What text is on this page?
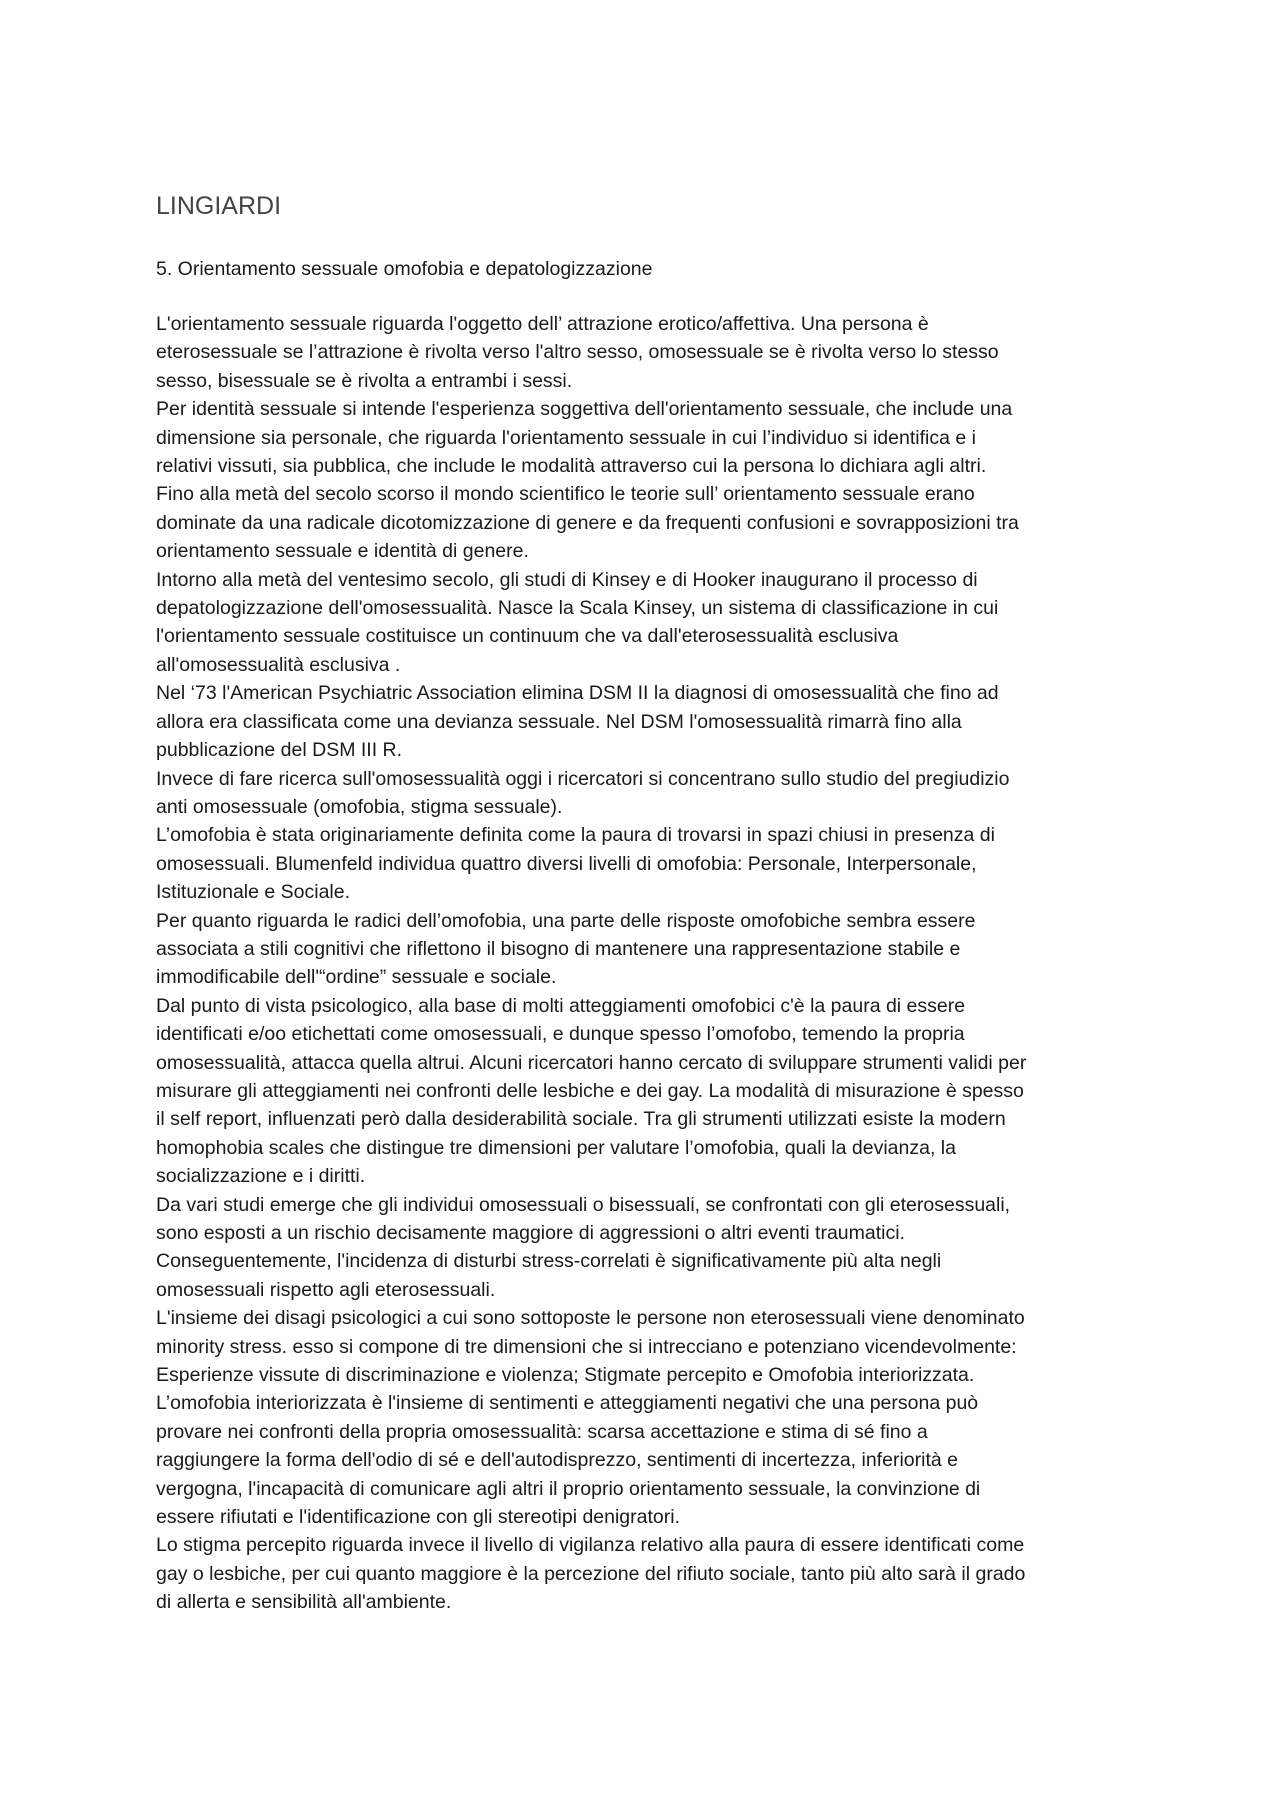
LINGIARDI
5. Orientamento sessuale omofobia e depatologizzazione

L'orientamento sessuale riguarda l'oggetto dell’ attrazione erotico/affettiva. Una persona è
eterosessuale se l’attrazione è rivolta verso l'altro sesso, omosessuale se è rivolta verso lo stesso
sesso, bisessuale se è rivolta a entrambi i sessi.

Per identità sessuale si intende l'esperienza soggettiva dell'orientamento sessuale, che include una
dimensione sia personale, che riguarda l'orientamento sessuale in cui l’individuo si identifica e i
relativi vissuti, sia pubblica, che include le modalità attraverso cui la persona lo dichiara agli altri.

Fino alla metà del secolo scorso il mondo scientifico le teorie sull’ orientamento sessuale erano
dominate da una radicale dicotomizzazione di genere e da frequenti confusioni e sovrapposizioni tra
orientamento sessuale e identità di genere.

Intorno alla metà del ventesimo secolo, gli studi di Kinsey e di Hooker inaugurano il processo di
depatologizzazione dell'omosessualità. Nasce la Scala Kinsey, un sistema di classificazione in cui
l'orientamento sessuale costituisce un continuum che va dall'eterosessualità esclusiva
all'omosessualità esclusiva .

Nel ‘73 l'American Psychiatric Association elimina DSM II la diagnosi di omosessualità che fino ad
allora era classificata come una devianza sessuale. Nel DSM l'omosessualità rimarrà fino alla
pubblicazione del DSM III R.

Invece di fare ricerca sull'omosessualità oggi i ricercatori si concentrano sullo studio del pregiudizio
anti omosessuale (omofobia, stigma sessuale).

L’omofobia è stata originariamente definita come la paura di trovarsi in spazi chiusi in presenza di
omosessuali. Blumenfeld individua quattro diversi livelli di omofobia: Personale, Interpersonale,
Istituzionale e Sociale.

Per quanto riguarda le radici dell’omofobia, una parte delle risposte omofobiche sembra essere
associata a stili cognitivi che riflettono il bisogno di mantenere una rappresentazione stabile e
immodificabile dell'“ordine” sessuale e sociale.

Dal punto di vista psicologico, alla base di molti atteggiamenti omofobici c'è la paura di essere
identificati e/oo etichettati come omosessuali, e dunque spesso l’omofobo, temendo la propria
omosessualità, attacca quella altrui. Alcuni ricercatori hanno cercato di sviluppare strumenti validi per
misurare gli atteggiamenti nei confronti delle lesbiche e dei gay. La modalità di misurazione è spesso
il self report, influenzati però dalla desiderabilità sociale. Tra gli strumenti utilizzati esiste la modern
homophobia scales che distingue tre dimensioni per valutare l’omofobia, quali la devianza, la
socializzazione e i diritti.

Da vari studi emerge che gli individui omosessuali o bisessuali, se confrontati con gli eterosessuali,
sono esposti a un rischio decisamente maggiore di aggressioni o altri eventi traumatici.
Conseguentemente, l'incidenza di disturbi stress-correlati è significativamente più alta negli
omosessuali rispetto agli eterosessuali.

L'insieme dei disagi psicologici a cui sono sottoposte le persone non eterosessuali viene denominato
minority stress. esso si compone di tre dimensioni che si intrecciano e potenziano vicendevolmente:
Esperienze vissute di discriminazione e violenza; Stigmate percepito e Omofobia interiorizzata.

L’omofobia interiorizzata è l'insieme di sentimenti e atteggiamenti negativi che una persona può
provare nei confronti della propria omosessualità: scarsa accettazione e stima di sé fino a
raggiungere la forma dell'odio di sé e dell'autodisprezzo, sentimenti di incertezza, inferiorità e
vergogna, l'incapacità di comunicare agli altri il proprio orientamento sessuale, la convinzione di
essere rifiutati e l'identificazione con gli stereotipi denigratori.

Lo stigma percepito riguarda invece il livello di vigilanza relativo alla paura di essere identificati come
gay o lesbiche, per cui quanto maggiore è la percezione del rifiuto sociale, tanto più alto sarà il grado
di allerta e sensibilità all'ambiente.
